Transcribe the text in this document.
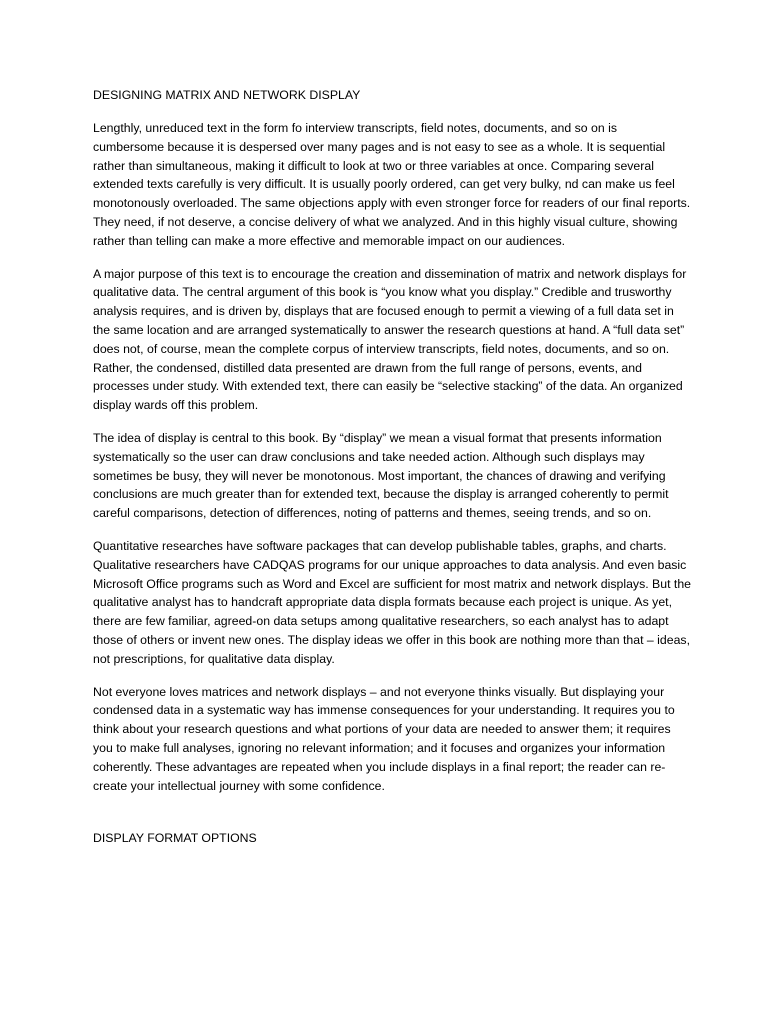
DESIGNING MATRIX AND NETWORK DISPLAY

Lengthly, unreduced text in the form fo interview transcripts, field notes, documents, and so on is cumbersome because it is despersed over many pages and is not easy to see as a whole. It is sequential rather than simultaneous, making it difficult to look at two or three variables at once. Comparing several extended texts carefully is very difficult. It is usually poorly ordered, can get very bulky, nd can make us feel monotonously overloaded. The same objections apply with even stronger force for readers of our final reports. They need, if not deserve, a concise delivery of what we analyzed. And in this highly visual culture, showing rather than telling can make a more effective and memorable impact on our audiences.

A major purpose of this text is to encourage the creation and dissemination of matrix and network displays for qualitative data. The central argument of this book is “you know what you display.” Credible and trusworthy analysis requires, and is driven by, displays that are focused enough to permit a viewing of a full data set in the same location and are arranged systematically to answer the research questions at hand. A “full data set” does not, of course, mean the complete corpus of interview transcripts, field notes, documents, and so on. Rather, the condensed, distilled data presented are drawn from the full range of persons, events, and processes under study. With extended text, there can easily be “selective stacking” of the data. An organized display wards off this problem.

The idea of display is central to this book. By “display” we mean a visual format that presents information systematically so the user can draw conclusions and take needed action. Although such displays may sometimes be busy, they will never be monotonous. Most important, the chances of drawing and verifying conclusions are much greater than for extended text, because the display is arranged coherently to permit careful comparisons, detection of differences, noting of patterns and themes, seeing trends, and so on.

Quantitative researches have software packages that can develop publishable tables, graphs, and charts. Qualitative researchers have CADQAS programs for our unique approaches to data analysis. And even basic Microsoft Office programs such as Word and Excel are sufficient for most matrix and network displays. But the qualitative analyst has to handcraft appropriate data displa formats because each project is unique. As yet, there are few familiar, agreed-on data setups among qualitative researchers, so each analyst has to adapt those of others or invent new ones. The display ideas we offer in this book are nothing more than that – ideas, not prescriptions, for qualitative data display.

Not everyone loves matrices and network displays – and not everyone thinks visually. But displaying your condensed data in a systematic way has immense consequences for your understanding. It requires you to think about your research questions and what portions of your data are needed to answer them; it requires you to make full analyses, ignoring no relevant information; and it focuses and organizes your information coherently. These advantages are repeated when you include displays in a final report; the reader can re-create your intellectual journey with some confidence.

DISPLAY FORMAT OPTIONS
